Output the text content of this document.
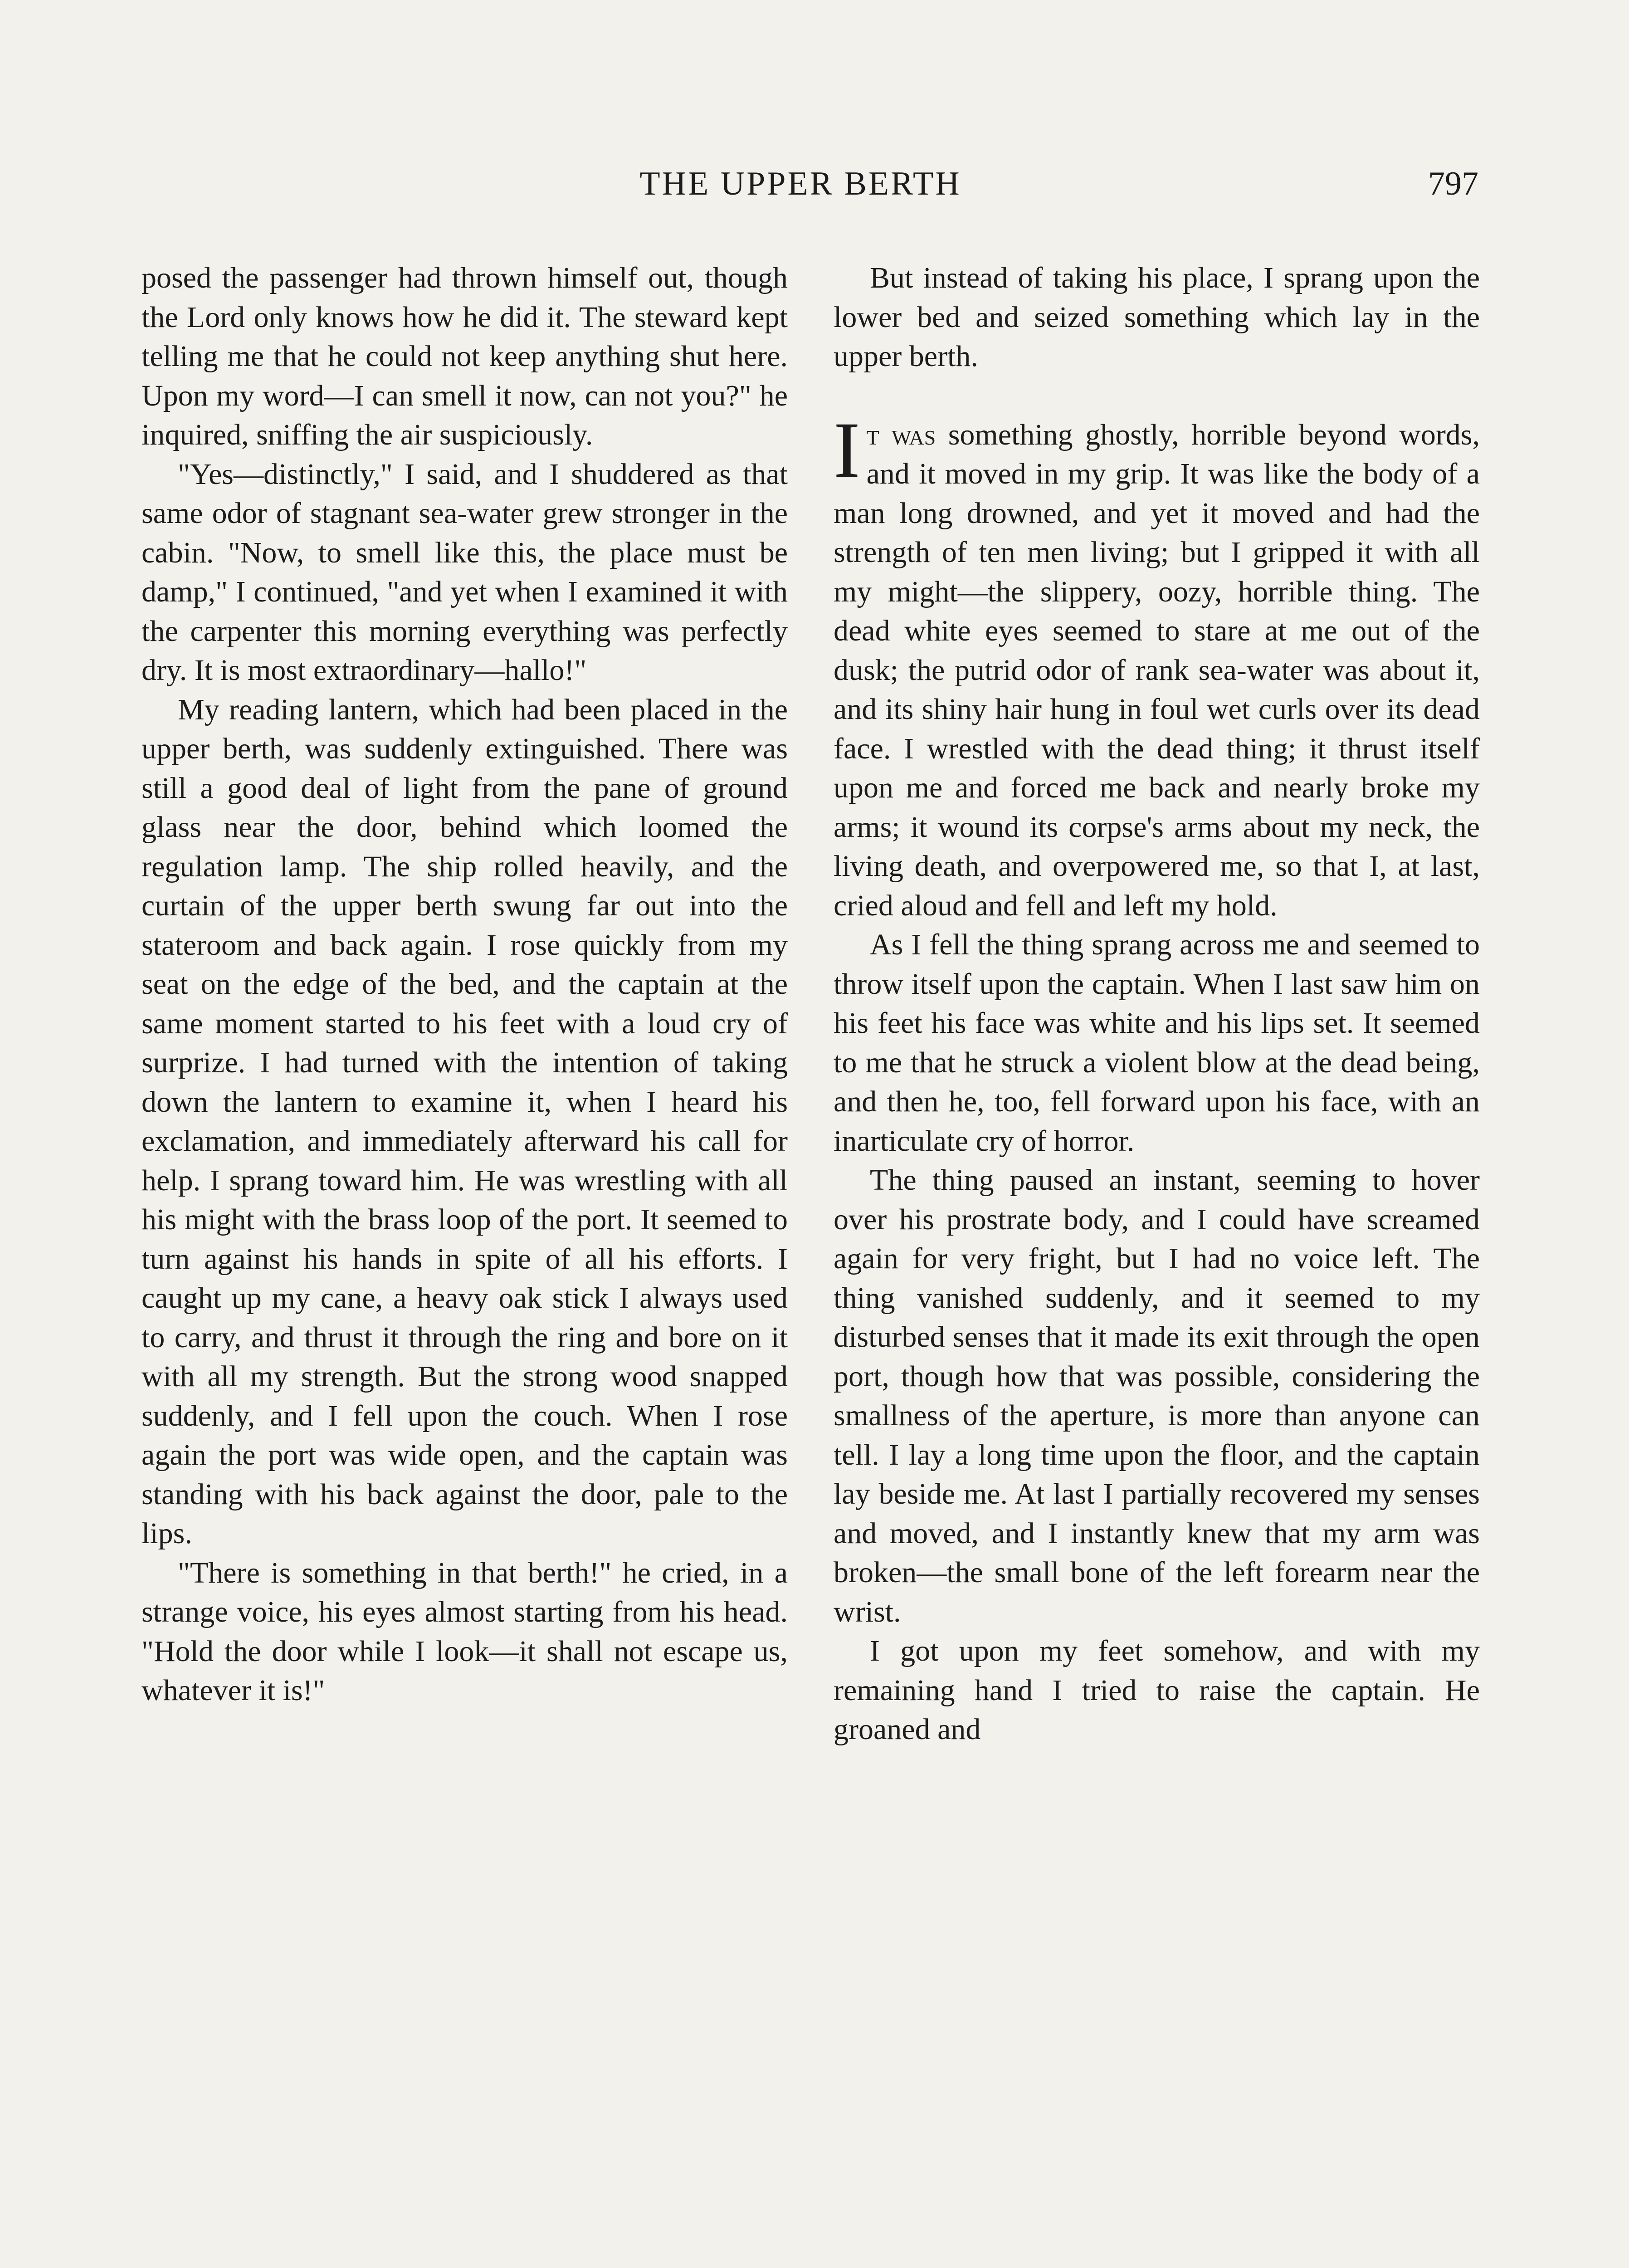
THE UPPER BERTH	797

posed the passenger had thrown himself out, though the Lord only knows how he did it. The steward kept telling me that he could not keep anything shut here. Upon my word—I can smell it now, can not you?" he inquired, sniffing the air suspiciously.

"Yes—distinctly," I said, and I shuddered as that same odor of stagnant sea-water grew stronger in the cabin. "Now, to smell like this, the place must be damp," I continued, "and yet when I examined it with the carpenter this morning everything was perfectly dry. It is most extraordinary—hallo!"

My reading lantern, which had been placed in the upper berth, was suddenly extinguished. There was still a good deal of light from the pane of ground glass near the door, behind which loomed the regulation lamp. The ship rolled heavily, and the curtain of the upper berth swung far out into the stateroom and back again. I rose quickly from my seat on the edge of the bed, and the captain at the same moment started to his feet with a loud cry of surprize. I had turned with the intention of taking down the lantern to examine it, when I heard his exclamation, and immediately afterward his call for help. I sprang toward him. He was wrestling with all his might with the brass loop of the port. It seemed to turn against his hands in spite of all his efforts. I caught up my cane, a heavy oak stick I always used to carry, and thrust it through the ring and bore on it with all my strength. But the strong wood snapped suddenly, and I fell upon the couch. When I rose again the port was wide open, and the captain was standing with his back against the door, pale to the lips.

"There is something in that berth!" he cried, in a strange voice, his eyes almost starting from his head. "Hold the door while I look—it shall not escape us, whatever it is!"

But instead of taking his place, I sprang upon the lower bed and seized something which lay in the upper berth.

It was something ghostly, horrible beyond words, and it moved in my grip. It was like the body of a man long drowned, and yet it moved and had the strength of ten men living; but I gripped it with all my might—the slippery, oozy, horrible thing. The dead white eyes seemed to stare at me out of the dusk; the putrid odor of rank sea-water was about it, and its shiny hair hung in foul wet curls over its dead face. I wrestled with the dead thing; it thrust itself upon me and forced me back and nearly broke my arms; it wound its corpse's arms about my neck, the living death, and overpowered me, so that I, at last, cried aloud and fell and left my hold.

As I fell the thing sprang across me and seemed to throw itself upon the captain. When I last saw him on his feet his face was white and his lips set. It seemed to me that he struck a violent blow at the dead being, and then he, too, fell forward upon his face, with an inarticulate cry of horror.

The thing paused an instant, seeming to hover over his prostrate body, and I could have screamed again for very fright, but I had no voice left. The thing vanished suddenly, and it seemed to my disturbed senses that it made its exit through the open port, though how that was possible, considering the smallness of the aperture, is more than anyone can tell. I lay a long time upon the floor, and the captain lay beside me. At last I partially recovered my senses and moved, and I instantly knew that my arm was broken—the small bone of the left forearm near the wrist.

I got upon my feet somehow, and with my remaining hand I tried to raise the captain. He groaned and
